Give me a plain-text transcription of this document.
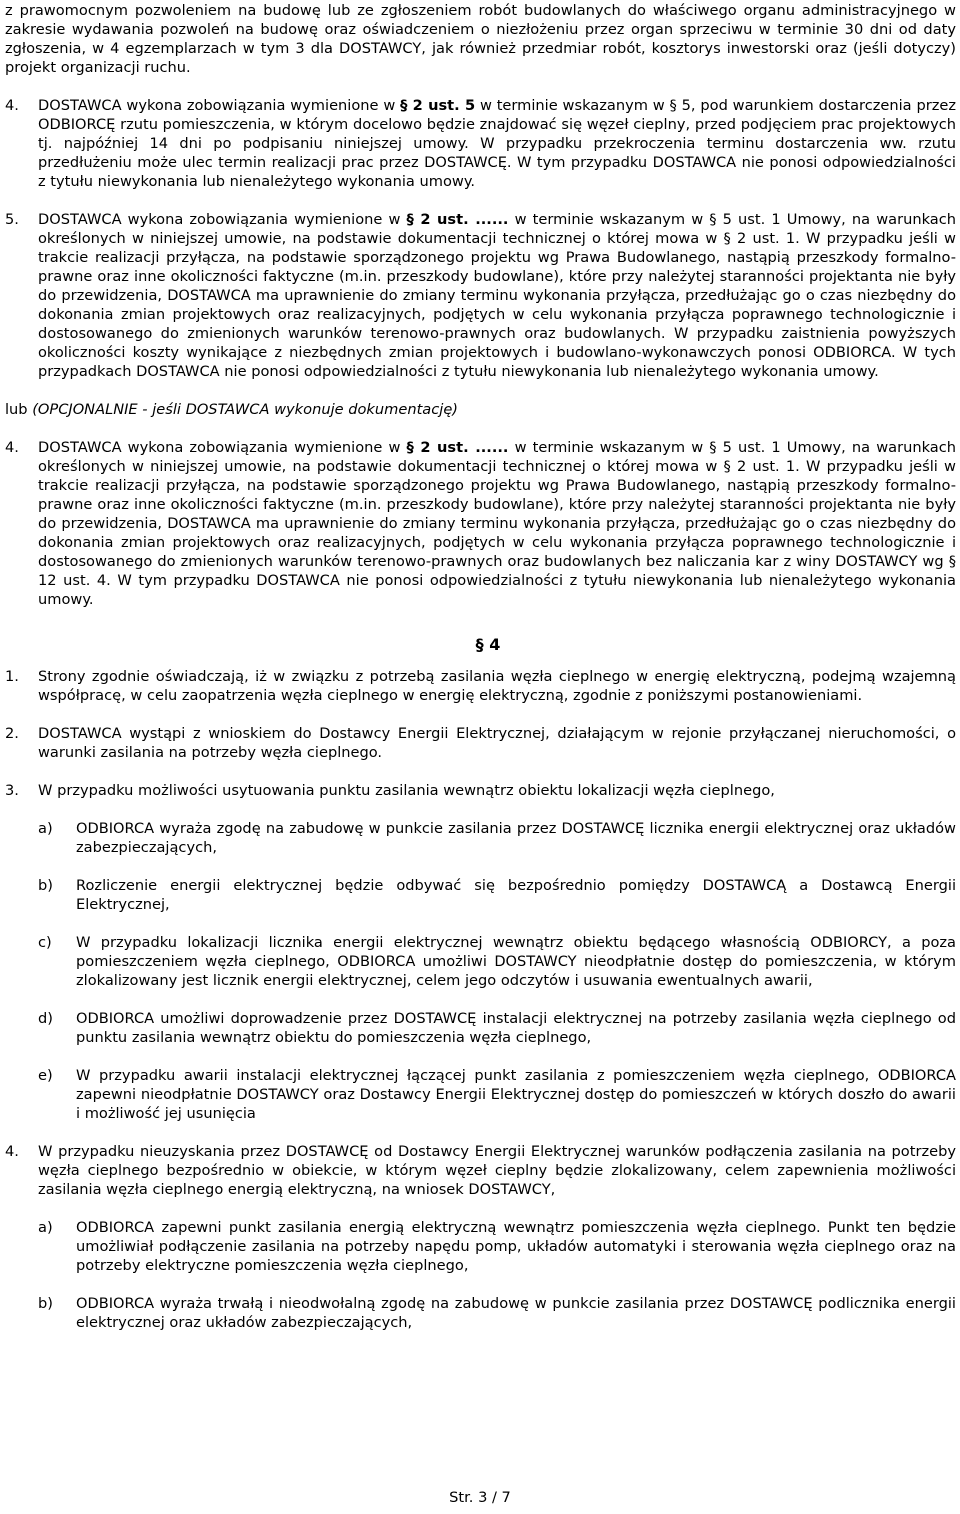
z prawomocnym pozwoleniem na budowę lub ze zgłoszeniem robót budowlanych do właściwego organu administracyjnego w zakresie wydawania pozwoleń na budowę oraz oświadczeniem o niezłożeniu przez organ sprzeciwu w terminie 30 dni od daty zgłoszenia, w 4 egzemplarzach w tym 3 dla DOSTAWCY, jak również przedmiar robót, kosztorys inwestorski oraz (jeśli dotyczy) projekt organizacji ruchu.

4.	DOSTAWCA wykona zobowiązania wymienione w § 2 ust. 5 w terminie wskazanym w § 5, pod warunkiem dostarczenia przez ODBIORCĘ rzutu pomieszczenia, w którym docelowo będzie znajdować się węzeł cieplny, przed podjęciem prac projektowych tj. najpóźniej 14 dni po podpisaniu niniejszej umowy. W przypadku przekroczenia terminu dostarczenia ww. rzutu przedłużeniu może ulec termin realizacji prac przez DOSTAWCĘ. W tym przypadku DOSTAWCA nie ponosi odpowiedzialności z tytułu niewykonania lub nienależytego wykonania umowy.
5.	DOSTAWCA wykona zobowiązania wymienione w § 2 ust. ...... w terminie wskazanym w § 5 ust. 1 Umowy, na warunkach określonych w niniejszej umowie, na podstawie dokumentacji technicznej o której mowa w § 2 ust. 1. W przypadku jeśli w trakcie realizacji przyłącza, na podstawie sporządzonego projektu wg Prawa Budowlanego, nastąpią przeszkody formalno-prawne oraz inne okoliczności faktyczne (m.in. przeszkody budowlane), które przy należytej staranności projektanta nie były do przewidzenia, DOSTAWCA ma uprawnienie do zmiany terminu wykonania przyłącza, przedłużając go o czas niezbędny do dokonania zmian projektowych oraz realizacyjnych, podjętych w celu wykonania przyłącza poprawnego technologicznie i dostosowanego do zmienionych warunków terenowo-prawnych oraz budowlanych. W przypadku zaistnienia powyższych okoliczności koszty wynikające z niezbędnych zmian projektowych i budowlano-wykonawczych ponosi ODBIORCA. W tych przypadkach DOSTAWCA nie ponosi odpowiedzialności z tytułu niewykonania lub nienależytego wykonania umowy.

lub (OPCJONALNIE - jeśli DOSTAWCA wykonuje dokumentację)

4.	DOSTAWCA wykona zobowiązania wymienione w § 2 ust. ...... w terminie wskazanym w § 5 ust. 1 Umowy, na warunkach określonych w niniejszej umowie, na podstawie dokumentacji technicznej o której mowa w § 2 ust. 1. W przypadku jeśli w trakcie realizacji przyłącza, na podstawie sporządzonego projektu wg Prawa Budowlanego, nastąpią przeszkody formalno-prawne oraz inne okoliczności faktyczne (m.in. przeszkody budowlane), które przy należytej staranności projektanta nie były do przewidzenia, DOSTAWCA ma uprawnienie do zmiany terminu wykonania przyłącza, przedłużając go o czas niezbędny do dokonania zmian projektowych oraz realizacyjnych, podjętych w celu wykonania przyłącza poprawnego technologicznie i dostosowanego do zmienionych warunków terenowo-prawnych oraz budowlanych bez naliczania kar z winy DOSTAWCY wg § 12 ust. 4. W tym przypadku DOSTAWCA nie ponosi odpowiedzialności z tytułu niewykonania lub nienależytego wykonania umowy.
§ 4
1.	Strony zgodnie oświadczają, iż w związku z potrzebą zasilania węzła cieplnego w energię elektryczną, podejmą wzajemną współpracę, w celu zaopatrzenia węzła cieplnego w energię elektryczną, zgodnie z poniższymi postanowieniami.
2.	DOSTAWCA wystąpi z wnioskiem do Dostawcy Energii Elektrycznej, działającym w rejonie przyłączanej nieruchomości, o warunki zasilania na potrzeby węzła cieplnego.
3.	W przypadku możliwości usytuowania punktu zasilania wewnątrz obiektu lokalizacji węzła cieplnego,
a)	ODBIORCA wyraża zgodę na zabudowę w punkcie zasilania przez DOSTAWCĘ licznika energii elektrycznej oraz układów zabezpieczających,
b)	Rozliczenie energii elektrycznej będzie odbywać się bezpośrednio pomiędzy DOSTAWCĄ a Dostawcą Energii Elektrycznej,
c)	W przypadku lokalizacji licznika energii elektrycznej wewnątrz obiektu będącego własnością ODBIORCY, a poza pomieszczeniem węzła cieplnego, ODBIORCA umożliwi DOSTAWCY nieodpłatnie dostęp do pomieszczenia, w którym zlokalizowany jest licznik energii elektrycznej, celem jego odczytów i usuwania ewentualnych awarii,
d)	ODBIORCA umożliwi doprowadzenie przez DOSTAWCĘ instalacji elektrycznej na potrzeby zasilania węzła cieplnego od punktu zasilania wewnątrz obiektu do pomieszczenia węzła cieplnego,
e)	W przypadku awarii instalacji elektrycznej łączącej punkt zasilania z pomieszczeniem węzła cieplnego, ODBIORCA zapewni nieodpłatnie DOSTAWCY oraz Dostawcy Energii Elektrycznej dostęp do pomieszczeń w których doszło do awarii i możliwość jej usunięcia
4.	W przypadku nieuzyskania przez DOSTAWCĘ od Dostawcy Energii Elektrycznej warunków podłączenia zasilania na potrzeby węzła cieplnego bezpośrednio w obiekcie, w którym węzeł cieplny będzie zlokalizowany, celem zapewnienia możliwości zasilania węzła cieplnego energią elektryczną, na wniosek DOSTAWCY,
a)	ODBIORCA zapewni punkt zasilania energią elektryczną wewnątrz pomieszczenia węzła cieplnego. Punkt ten będzie umożliwiał podłączenie zasilania na potrzeby napędu pomp, układów automatyki i sterowania węzła cieplnego oraz na potrzeby elektryczne pomieszczenia węzła cieplnego,
b)	ODBIORCA wyraża trwałą i nieodwołalną zgodę na zabudowę w punkcie zasilania przez DOSTAWCĘ podlicznika energii elektrycznej oraz układów zabezpieczających,
Str. 3 / 7
